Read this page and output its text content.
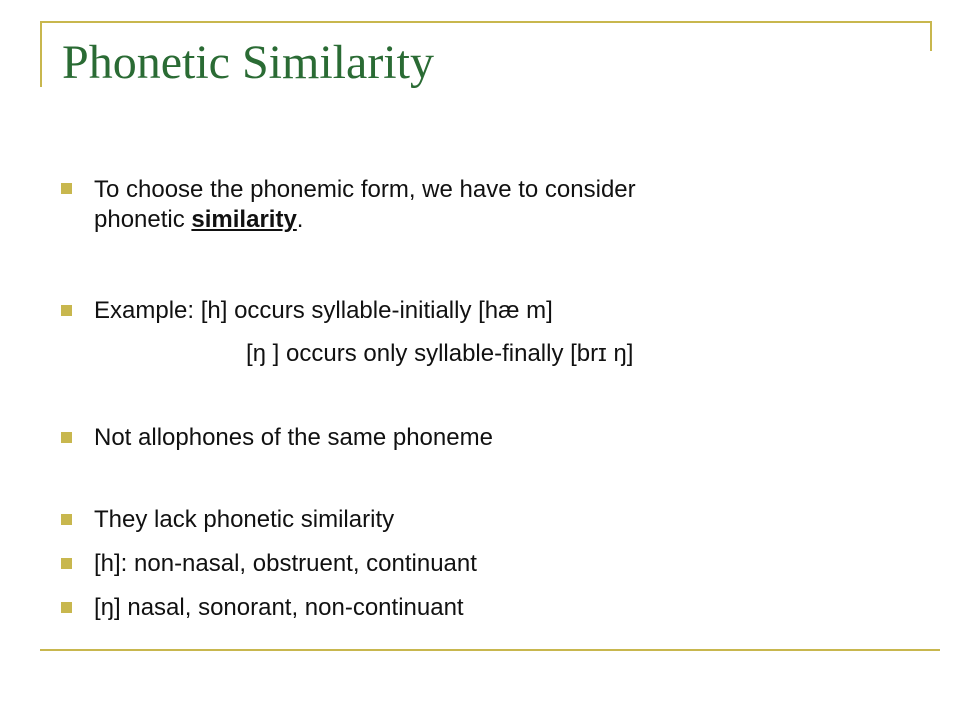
Phonetic Similarity
To choose the phonemic form, we have to consider
phonetic similarity.
Example: [h] occurs syllable-initially [hæ m]
[ŋ ] occurs only syllable-finally [brɪ ŋ]
Not allophones of the same phoneme
They lack phonetic similarity
[h]: non-nasal, obstruent, continuant
[ŋ] nasal, sonorant, non-continuant
